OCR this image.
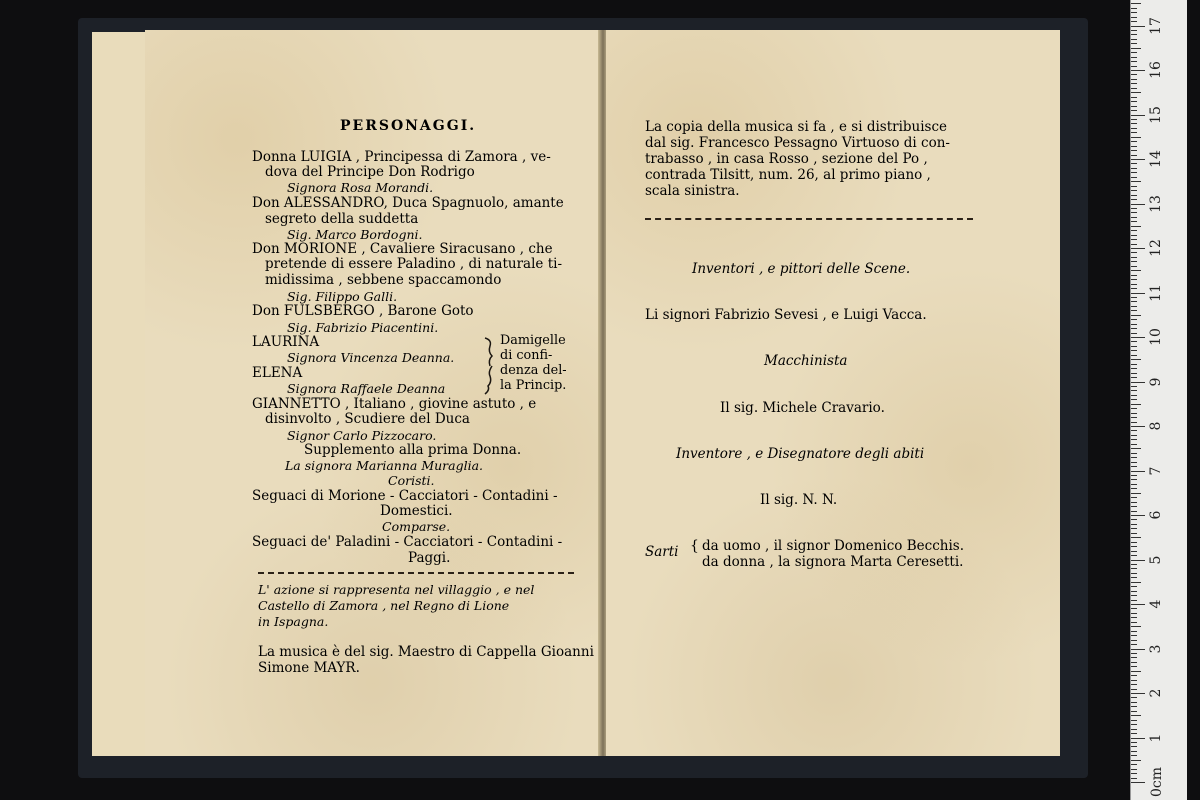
PERSONAGGI.
Donna LUIGIA , Principessa di Zamora , ve-
dova del Principe Don Rodrigo
Signora Rosa Morandi.
Don ALESSANDRO, Duca Spagnuolo, amante
segreto della suddetta
Sig. Marco Bordogni.
Don MORIONE , Cavaliere Siracusano , che
pretende di essere Paladino , di naturale ti-
midissima , sebbene spaccamondo
Sig. Filippo Galli.
Don FULSBERGO , Barone Goto
Sig. Fabrizio Piacentini.
LAURINA
Signora Vincenza Deanna.
ELENA
Signora Raffaele Deanna
Damigelle
di confi-
denza del-
la Princip.
GIANNETTO , Italiano , giovine astuto , e
disinvolto , Scudiere del Duca
Signor Carlo Pizzocaro.
Supplemento alla prima Donna.
La signora Marianna Muraglia.
Coristi.
Seguaci di Morione - Cacciatori - Contadini -
Domestici.
Comparse.
Seguaci de' Paladini - Cacciatori - Contadini -
Paggi.
L' azione si rappresenta nel villaggio , e nel
Castello di Zamora , nel Regno di Lione
in Ispagna.
La musica è del sig. Maestro di Cappella Gioanni
Simone MAYR.
La copia della musica si fa , e si distribuisce
dal sig. Francesco Pessagno Virtuoso di con-
trabasso , in casa Rosso , sezione del Po ,
contrada Tilsitt, num. 26, al primo piano ,
scala sinistra.
Inventori , e pittori delle Scene.
Li signori Fabrizio Sevesi , e Luigi Vacca.
Macchinista
Il sig. Michele Cravario.
Inventore , e Disegnatore degli abiti
Il sig. N. N.
Sarti { da uomo , il signor Domenico Becchis.
da donna , la signora Marta Ceresetti.
0cm
1
2
3
4
5
6
7
8
9
10
11
12
13
14
15
16
17
